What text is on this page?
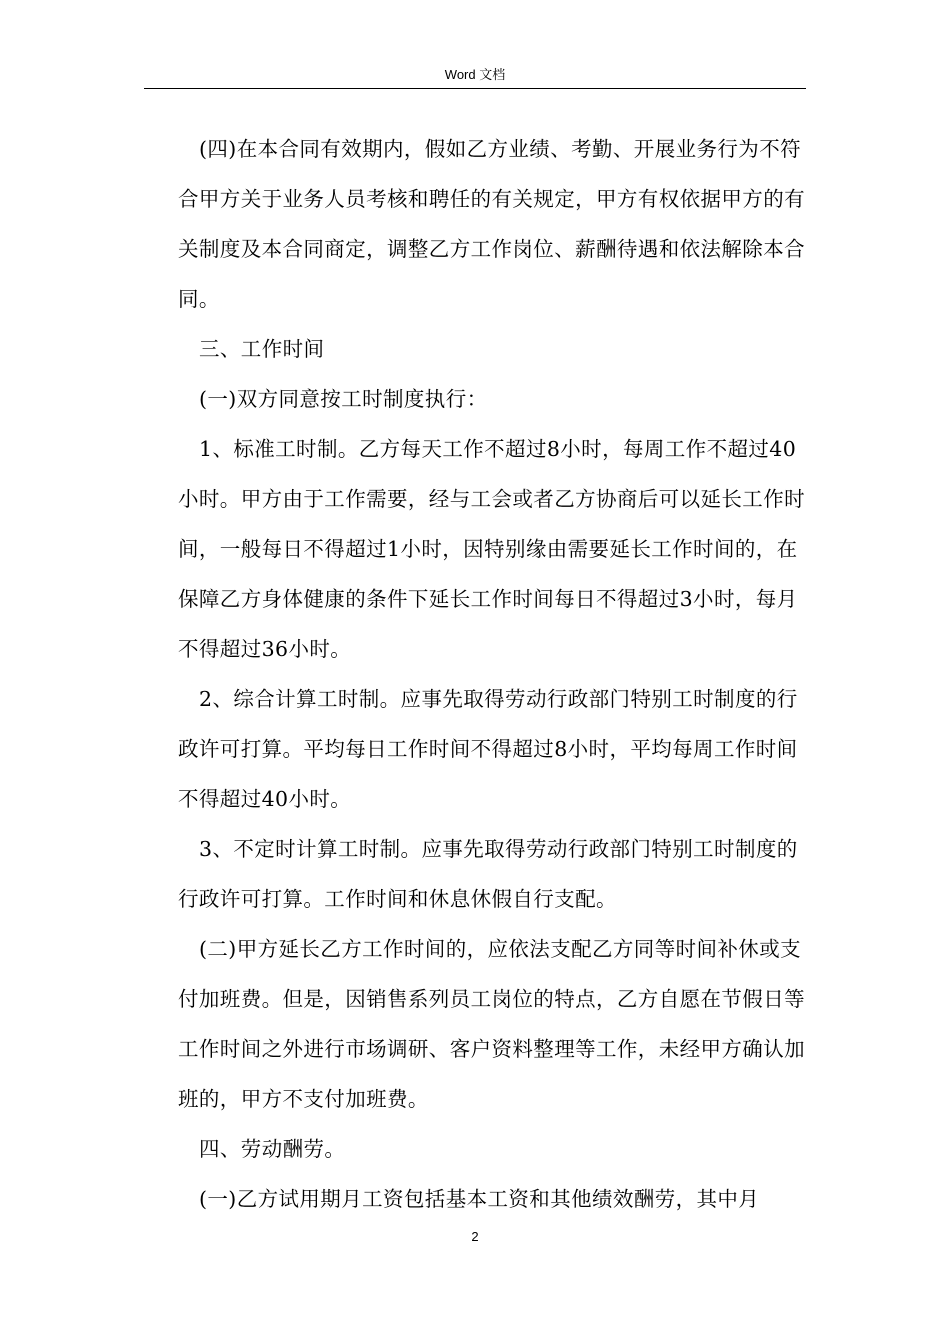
Word 文档

(四)在本合同有效期内，假如乙方业绩、考勤、开展业务行为不符合甲方关于业务人员考核和聘任的有关规定，甲方有权依据甲方的有关制度及本合同商定，调整乙方工作岗位、薪酬待遇和依法解除本合同。

三、工作时间

(一)双方同意按工时制度执行：

1、标准工时制。乙方每天工作不超过8小时，每周工作不超过40小时。甲方由于工作需要，经与工会或者乙方协商后可以延长工作时间，一般每日不得超过1小时，因特别缘由需要延长工作时间的，在保障乙方身体健康的条件下延长工作时间每日不得超过3小时，每月不得超过36小时。

2、综合计算工时制。应事先取得劳动行政部门特别工时制度的行政许可打算。平均每日工作时间不得超过8小时，平均每周工作时间不得超过40小时。

3、不定时计算工时制。应事先取得劳动行政部门特别工时制度的行政许可打算。工作时间和休息休假自行支配。

(二)甲方延长乙方工作时间的，应依法支配乙方同等时间补休或支付加班费。但是，因销售系列员工岗位的特点，乙方自愿在节假日等工作时间之外进行市场调研、客户资料整理等工作，未经甲方确认加班的，甲方不支付加班费。

四、劳动酬劳。

(一)乙方试用期月工资包括基本工资和其他绩效酬劳，其中月

2
